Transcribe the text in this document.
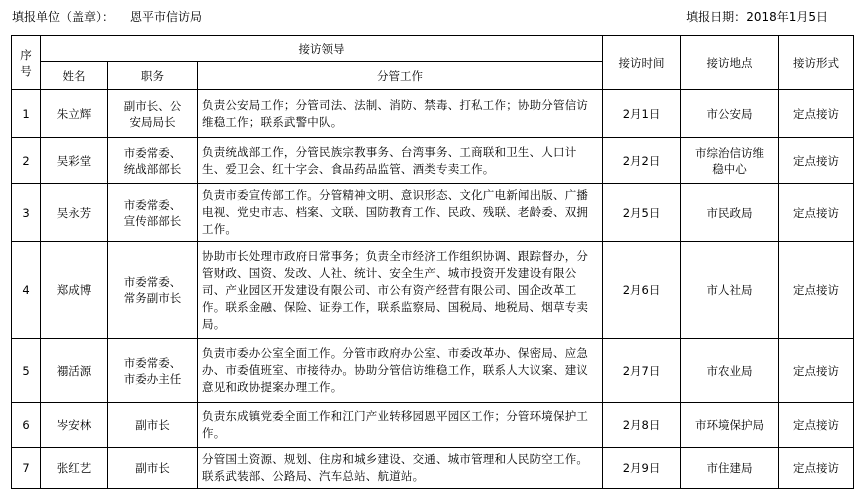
填报单位（盖章）： 恩平市信访局	填报日期：2018年1月5日
序号	接访领导			接访时间	接访地点	接访形式
	姓名	职务	分管工作			
1	朱立辉	副市长、公安局局长	负责公安局工作；分管司法、法制、消防、禁毒、打私工作；协助分管信访维稳工作；联系武警中队。	2月1日	市公安局	定点接访
2	吴彩堂	市委常委、统战部部长	负责统战部工作，分管民族宗教事务、台湾事务、工商联和卫生、人口计生、爱卫会、红十字会、食品药品监管、酒类专卖工作。	2月2日	市综治信访维稳中心	定点接访
3	吴永芳	市委常委、宣传部部长	负责市委宣传部工作。分管精神文明、意识形态、文化广电新闻出版、广播电视、党史市志、档案、文联、国防教育工作、民政、残联、老龄委、双拥工作。	2月5日	市民政局	定点接访
4	郑成博	市委常委、常务副市长	协助市长处理市政府日常事务；负责全市经济工作组织协调、跟踪督办，分管财政、国资、发改、人社、统计、安全生产、城市投资开发建设有限公司、产业园区开发建设有限公司、市公有资产经营有限公司、国企改革工作。联系金融、保险、证券工作，联系监察局、国税局、地税局、烟草专卖局。	2月6日	市人社局	定点接访
5	禤活源	市委常委、市委办主任	负责市委办公室全面工作。分管市政府办公室、市委改革办、保密局、应急办、市委值班室、市接待办。协助分管信访维稳工作，联系人大议案、建议意见和政协提案办理工作。	2月7日	市农业局	定点接访
6	岑安林	副市长	负责东成镇党委全面工作和江门产业转移园恩平园区工作；分管环境保护工作。	2月8日	市环境保护局	定点接访
7	张红艺	副市长	分管国土资源、规划、住房和城乡建设、交通、城市管理和人民防空工作。联系武装部、公路局、汽车总站、航道站。	2月9日	市住建局	定点接访
